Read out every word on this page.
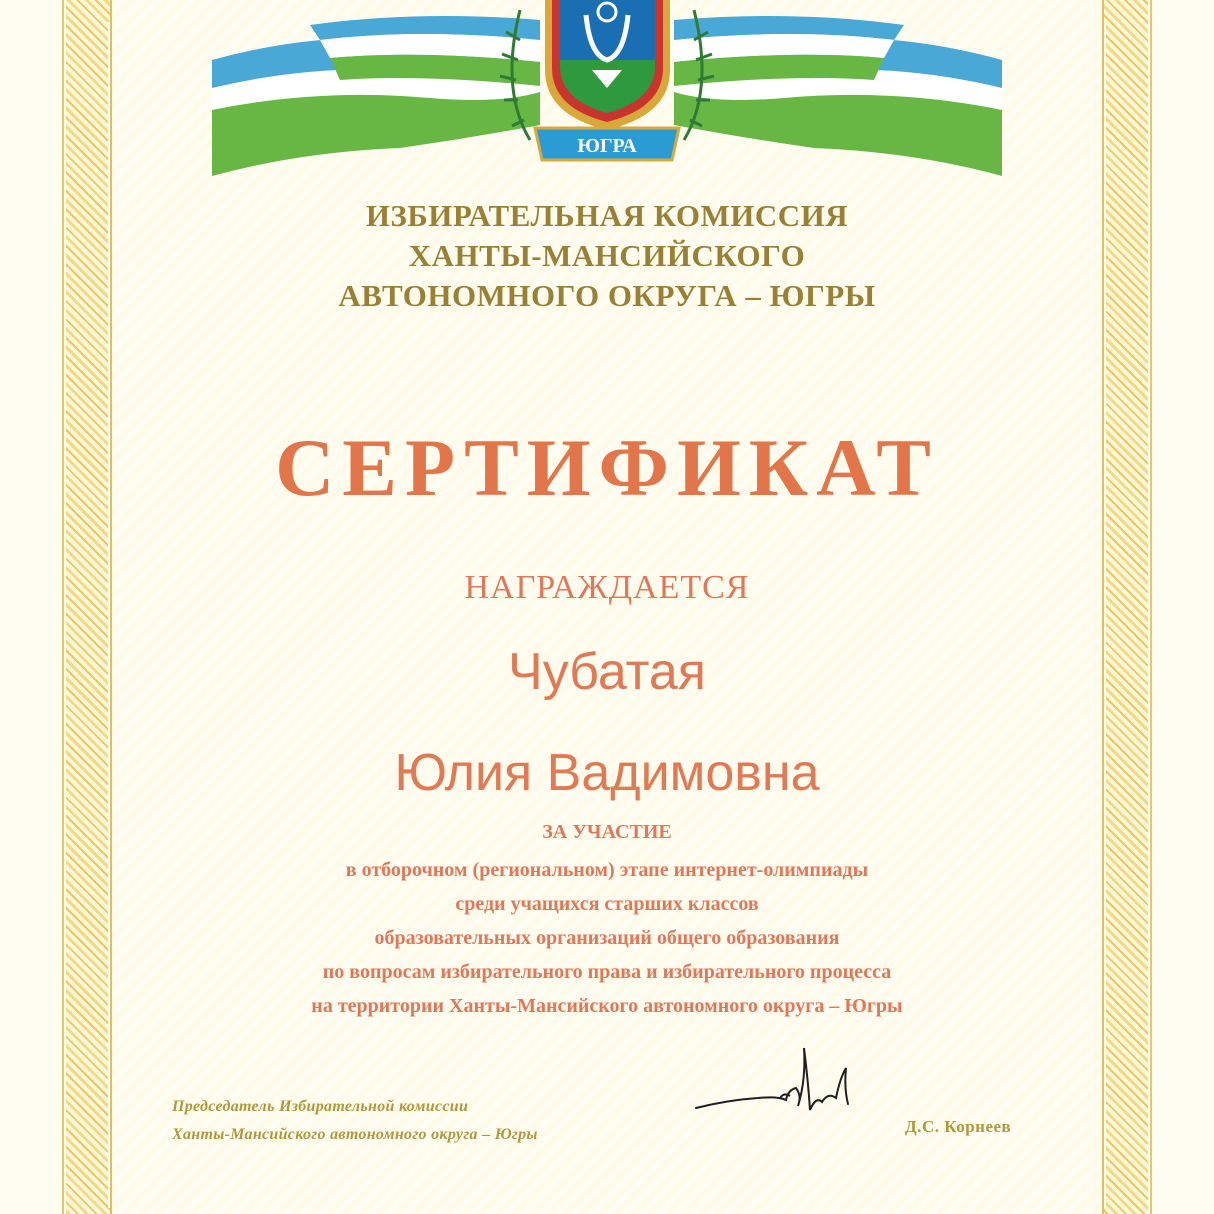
ЮГРА
ИЗБИРАТЕЛЬНАЯ КОМИССИЯ
ХАНТЫ-МАНСИЙСКОГО
АВТОНОМНОГО ОКРУГА – ЮГРЫ
СЕРТИФИКАТ
НАГРАЖДАЕТСЯ
Чубатая
Юлия Вадимовна
ЗА УЧАСТИЕ
в отборочном (региональном) этапе интернет-олимпиады
среди учащихся старших классов
образовательных организаций общего образования
по вопросам избирательного права и избирательного процесса
на территории Ханты-Мансийского автономного округа – Югры
Председатель Избирательной комиссии
Ханты-Мансийского автономного округа – Югры	Д.С. Корнеев
